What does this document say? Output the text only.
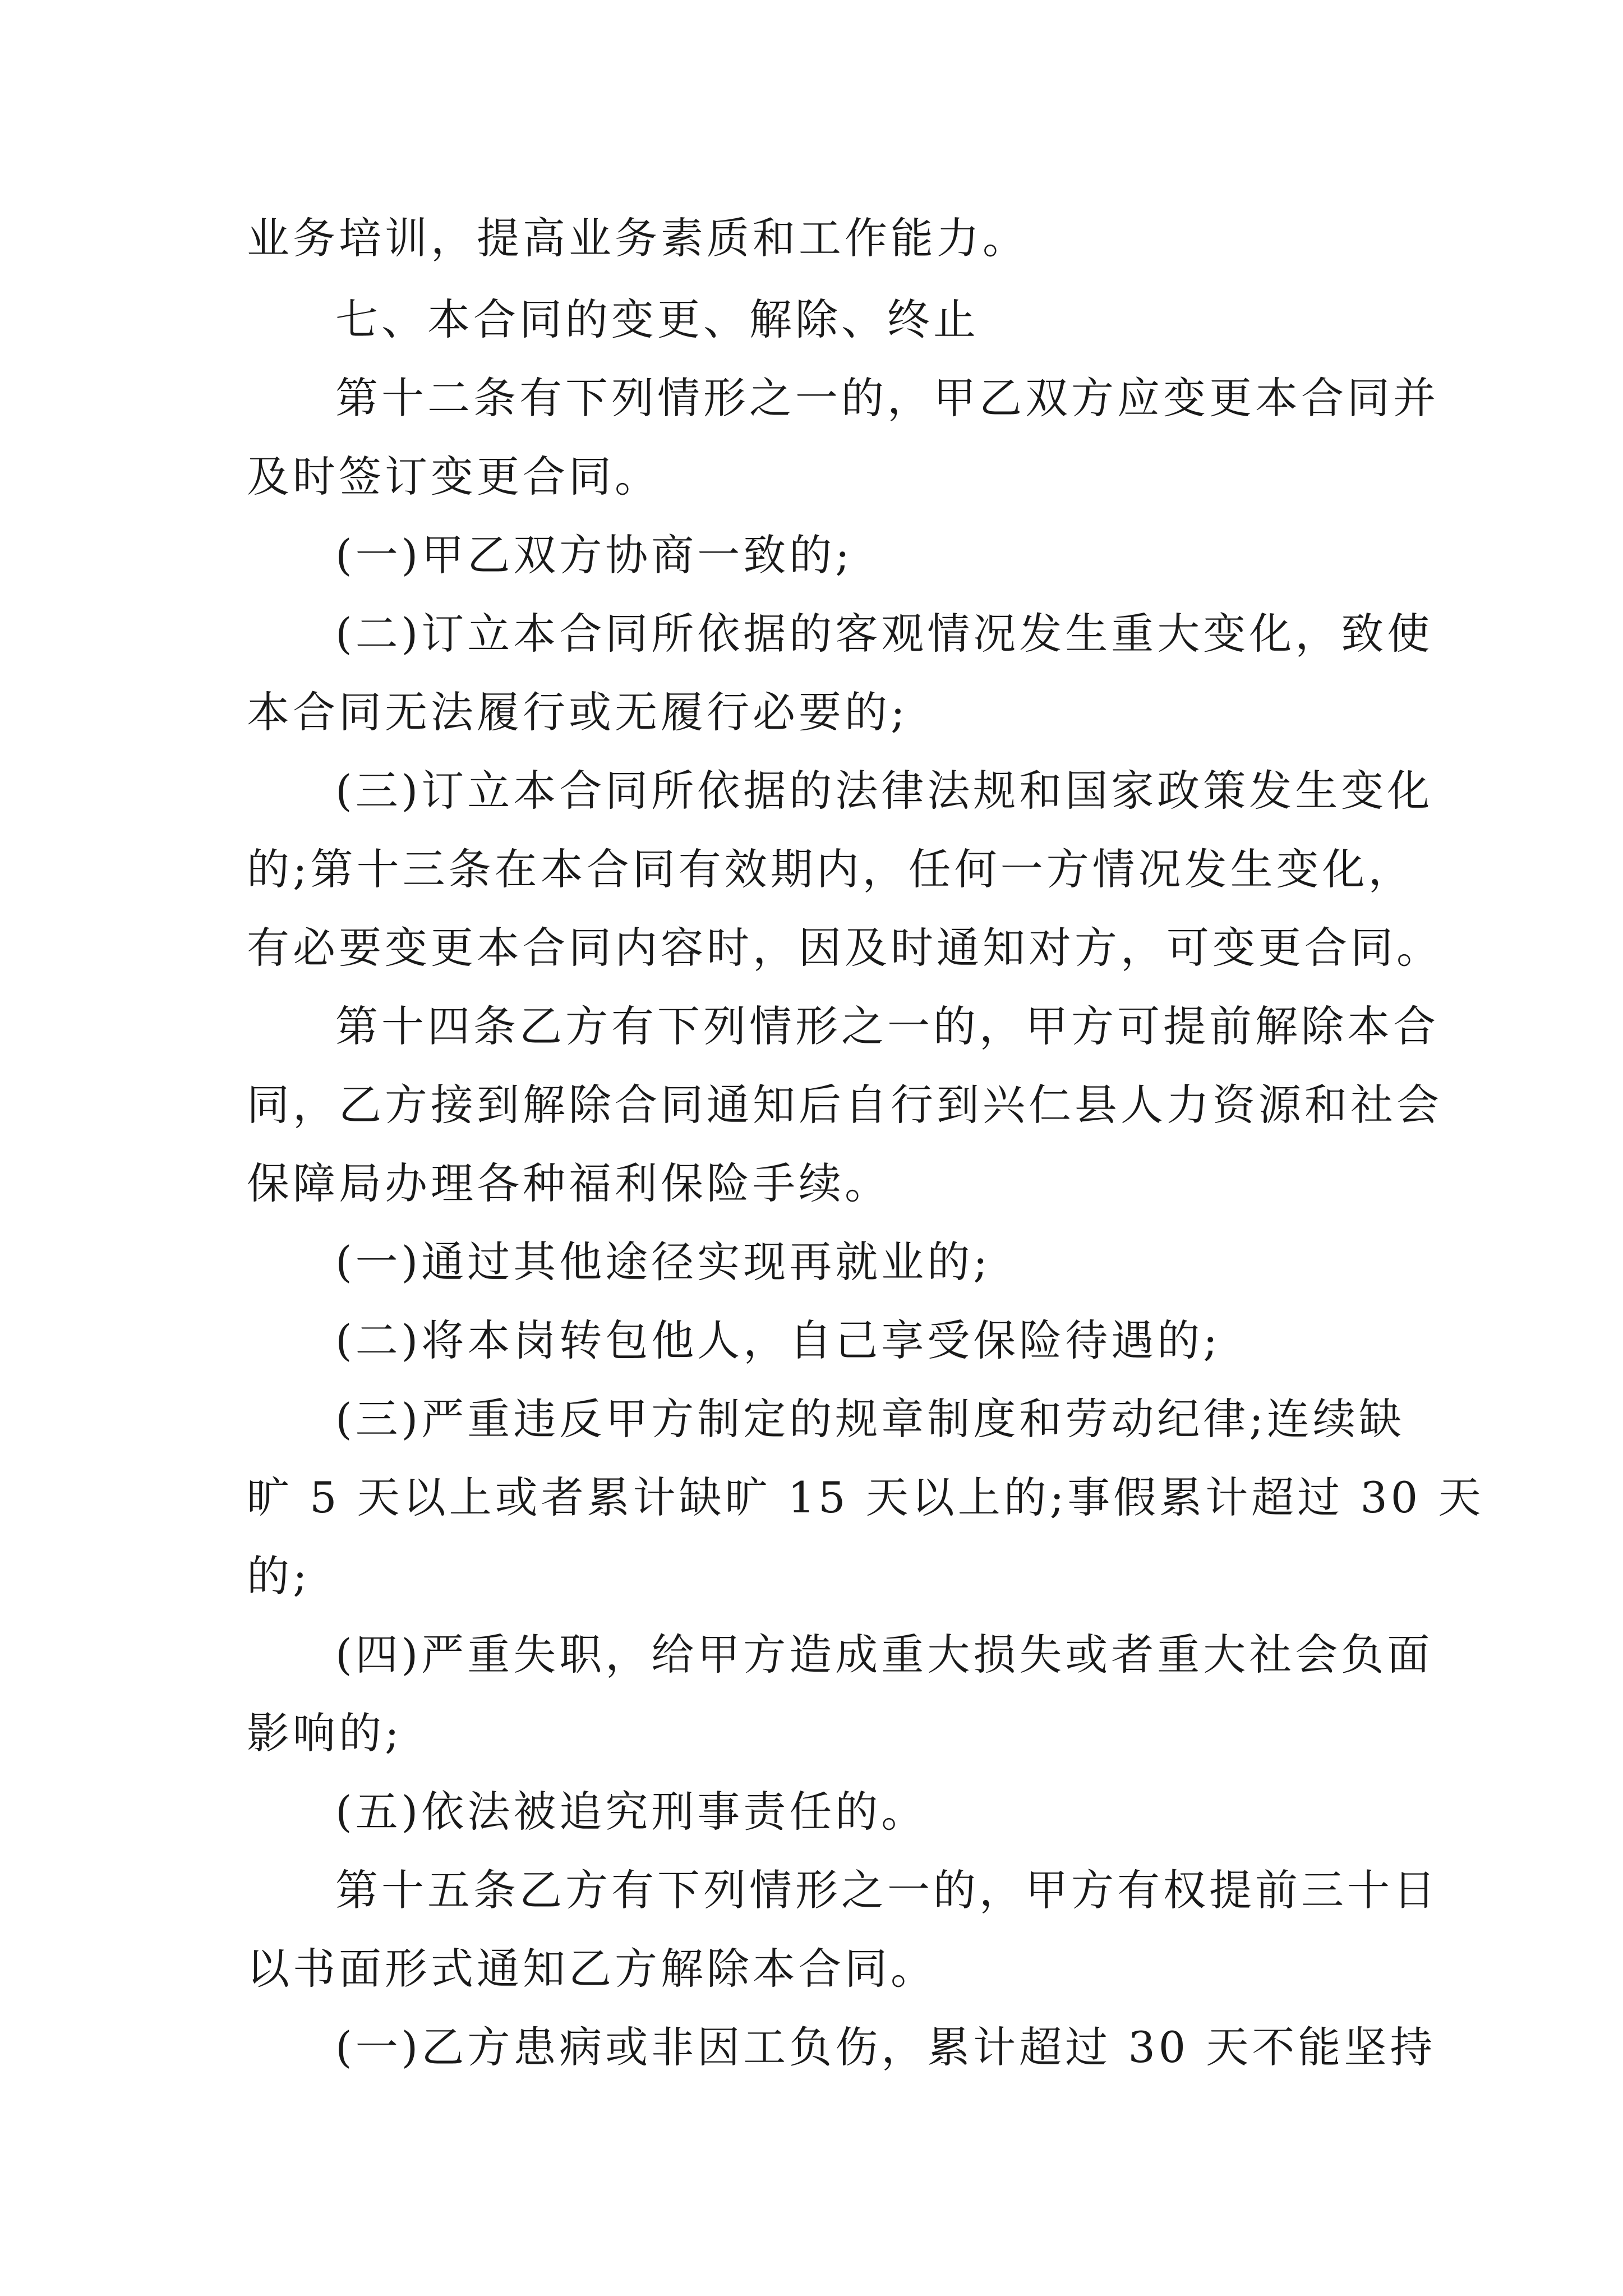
业务培训，提高业务素质和工作能力。

七、本合同的变更、解除、终止

第十二条有下列情形之一的，甲乙双方应变更本合同并

及时签订变更合同。

(一)甲乙双方协商一致的;

(二)订立本合同所依据的客观情况发生重大变化，致使

本合同无法履行或无履行必要的;

(三)订立本合同所依据的法律法规和国家政策发生变化

的;第十三条在本合同有效期内，任何一方情况发生变化，

有必要变更本合同内容时，因及时通知对方，可变更合同。

第十四条乙方有下列情形之一的，甲方可提前解除本合

同，乙方接到解除合同通知后自行到兴仁县人力资源和社会

保障局办理各种福利保险手续。

(一)通过其他途径实现再就业的;

(二)将本岗转包他人，自己享受保险待遇的;

(三)严重违反甲方制定的规章制度和劳动纪律;连续缺

旷 5 天以上或者累计缺旷 15 天以上的;事假累计超过 30 天

的;

(四)严重失职，给甲方造成重大损失或者重大社会负面

影响的;

(五)依法被追究刑事责任的。

第十五条乙方有下列情形之一的，甲方有权提前三十日

以书面形式通知乙方解除本合同。

(一)乙方患病或非因工负伤，累计超过 30 天不能坚持
